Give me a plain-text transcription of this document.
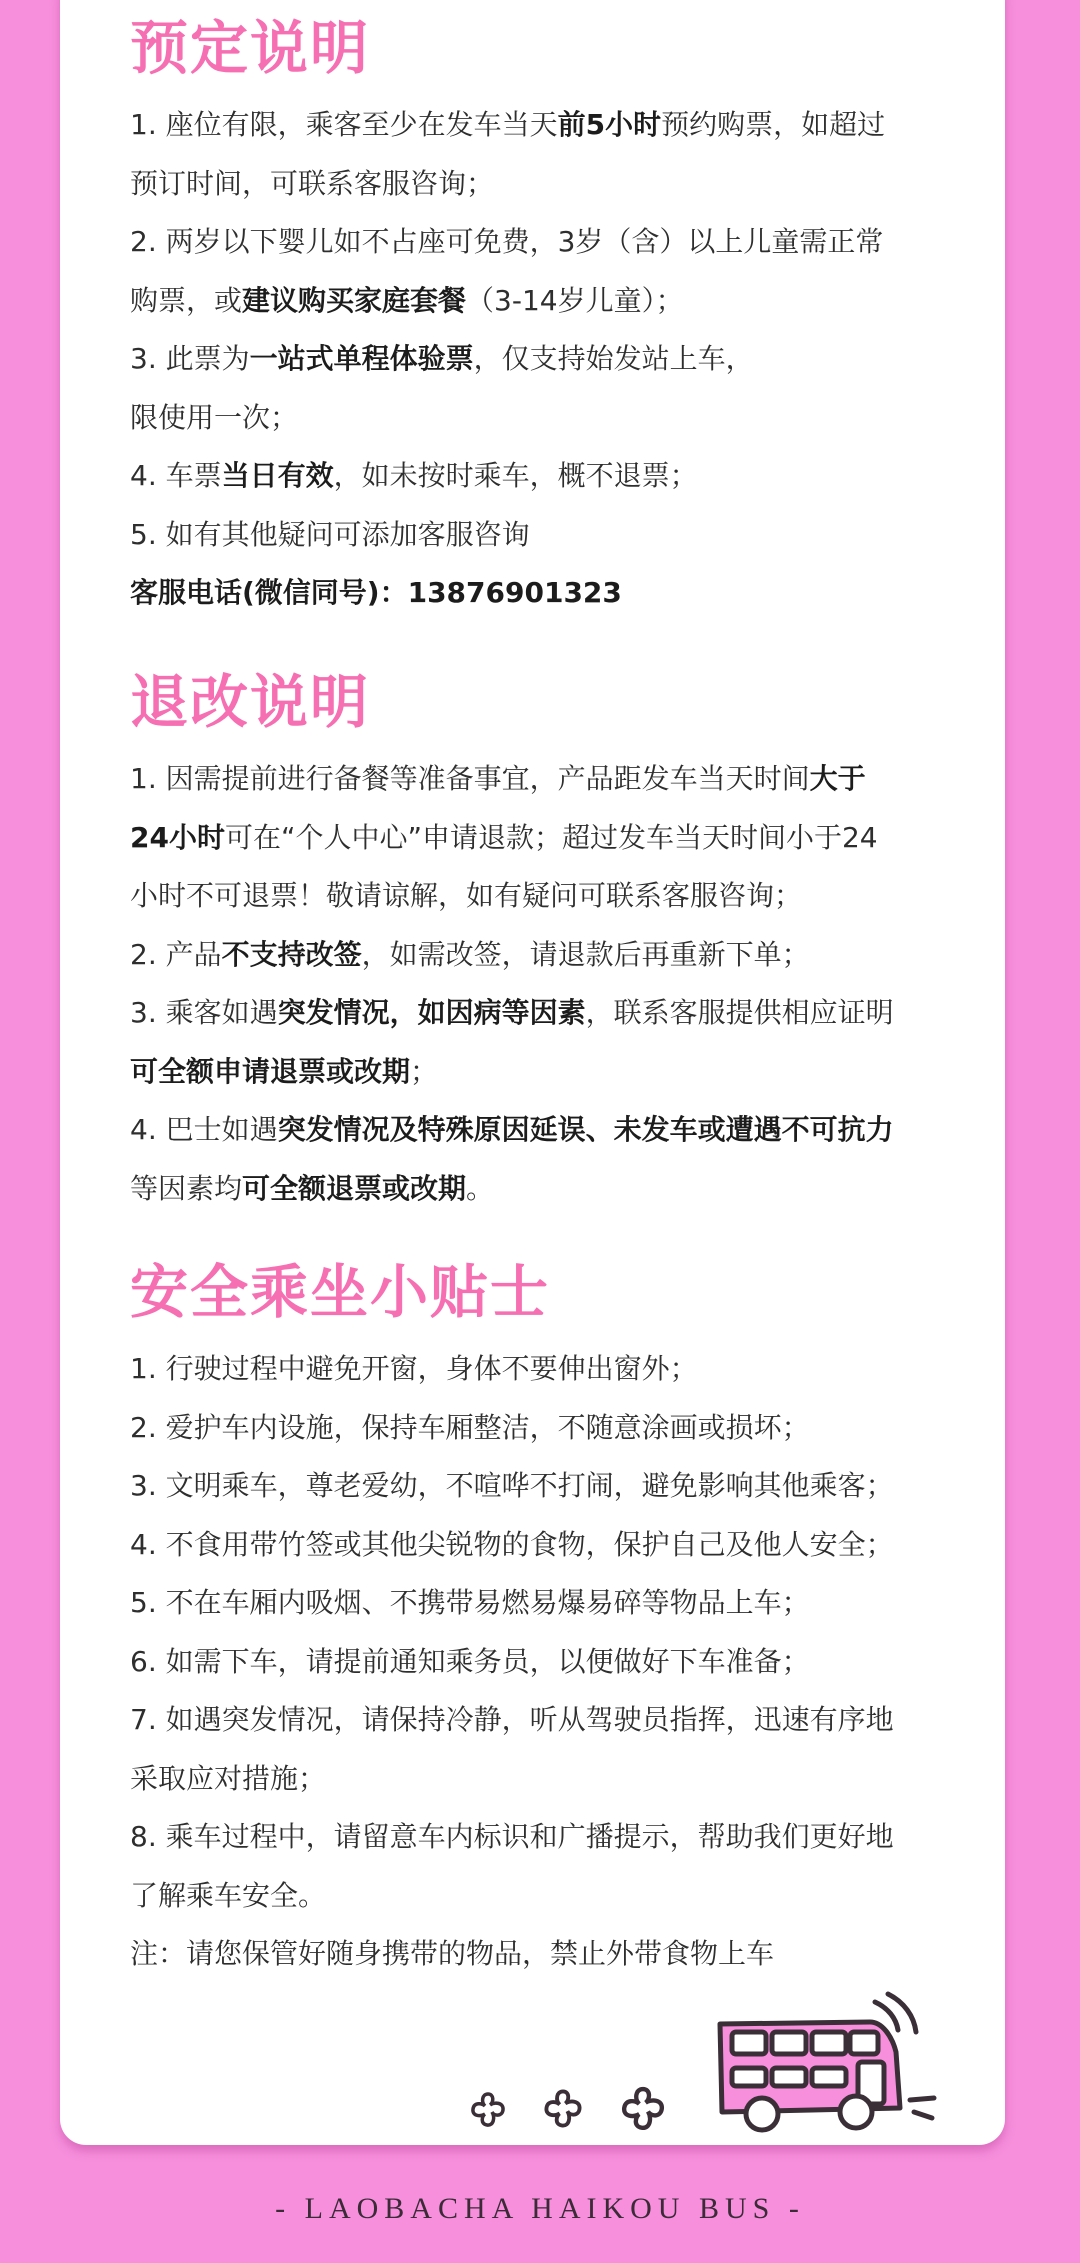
预定说明
1. 座位有限，乘客至少在发车当天前5小时预约购票，如超过
预订时间，可联系客服咨询；
2. 两岁以下婴儿如不占座可免费，3岁（含）以上儿童需正常
购票，或建议购买家庭套餐（3-14岁儿童）；
3. 此票为一站式单程体验票，仅支持始发站上车，
限使用一次；
4. 车票当日有效，如未按时乘车，概不退票；
5. 如有其他疑问可添加客服咨询
客服电话(微信同号)：13876901323
退改说明
1. 因需提前进行备餐等准备事宜，产品距发车当天时间大于
24小时可在“个人中心”申请退款；超过发车当天时间小于24
小时不可退票！敬请谅解，如有疑问可联系客服咨询；
2. 产品不支持改签，如需改签，请退款后再重新下单；
3. 乘客如遇突发情况，如因病等因素，联系客服提供相应证明
可全额申请退票或改期；
4. 巴士如遇突发情况及特殊原因延误、未发车或遭遇不可抗力
等因素均可全额退票或改期。
安全乘坐小贴士
1. 行驶过程中避免开窗，身体不要伸出窗外；
2. 爱护车内设施，保持车厢整洁，不随意涂画或损坏；
3. 文明乘车，尊老爱幼，不喧哗不打闹，避免影响其他乘客；
4. 不食用带竹签或其他尖锐物的食物，保护自己及他人安全；
5. 不在车厢内吸烟、不携带易燃易爆易碎等物品上车；
6. 如需下车，请提前通知乘务员，以便做好下车准备；
7. 如遇突发情况，请保持冷静，听从驾驶员指挥，迅速有序地
采取应对措施；
8. 乘车过程中，请留意车内标识和广播提示，帮助我们更好地
了解乘车安全。
注：请您保管好随身携带的物品，禁止外带食物上车
- LAOBACHA HAIKOU BUS -
